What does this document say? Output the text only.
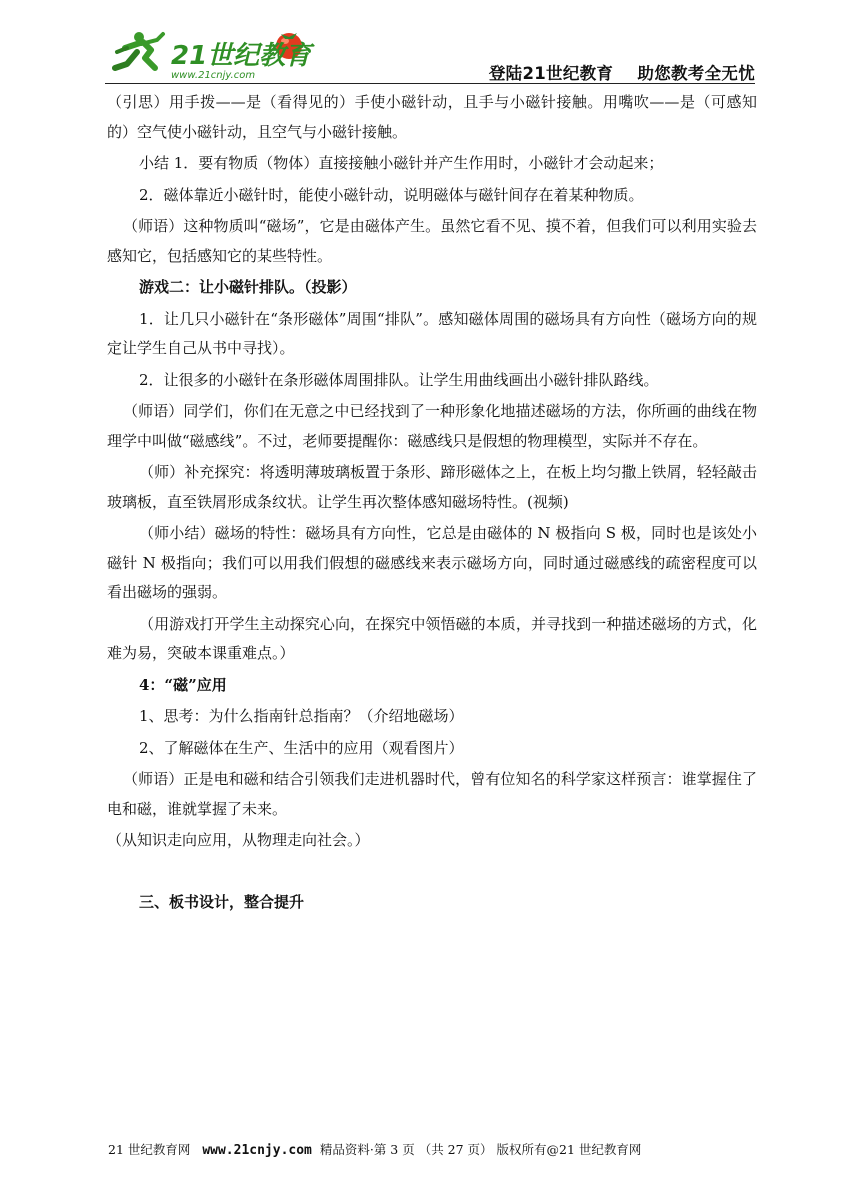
21世纪教育
www.21cnjy.com	登陆21世纪教育    助您教考全无忧

（引思）用手拨——是（看得见的）手使小磁针动，且手与小磁针接触。用嘴吹——是（可感知的）空气使小磁针动，且空气与小磁针接触。

小结 1．要有物质（物体）直接接触小磁针并产生作用时，小磁针才会动起来；

2．磁体靠近小磁针时，能使小磁针动，说明磁体与磁针间存在着某种物质。

（师语）这种物质叫“磁场”，它是由磁体产生。虽然它看不见、摸不着，但我们可以利用实验去感知它，包括感知它的某些特性。

游戏二：让小磁针排队。（投影）

1．让几只小磁针在“条形磁体”周围“排队”。感知磁体周围的磁场具有方向性（磁场方向的规定让学生自己从书中寻找）。

2．让很多的小磁针在条形磁体周围排队。让学生用曲线画出小磁针排队路线。

（师语）同学们，你们在无意之中已经找到了一种形象化地描述磁场的方法，你所画的曲线在物理学中叫做“磁感线”。不过，老师要提醒你：磁感线只是假想的物理模型，实际并不存在。

（师）补充探究：将透明薄玻璃板置于条形、蹄形磁体之上，在板上均匀撒上铁屑，轻轻敲击玻璃板，直至铁屑形成条纹状。让学生再次整体感知磁场特性。(视频)

（师小结）磁场的特性：磁场具有方向性，它总是由磁体的 N 极指向 S 极，同时也是该处小磁针 N 极指向；我们可以用我们假想的磁感线来表示磁场方向，同时通过磁感线的疏密程度可以看出磁场的强弱。

（用游戏打开学生主动探究心向，在探究中领悟磁的本质，并寻找到一种描述磁场的方式，化难为易，突破本课重难点。）

4：“磁”应用

1、思考：为什么指南针总指南？（介绍地磁场）

2、了解磁体在生产、生活中的应用（观看图片）

（师语）正是电和磁和结合引领我们走进机器时代，曾有位知名的科学家这样预言：谁掌握住了电和磁，谁就掌握了未来。

（从知识走向应用，从物理走向社会。）

三、板书设计，整合提升

21 世纪教育网 www.21cnjy.com 精品资料·第 3 页 （共 27 页） 版权所有@21 世纪教育网
